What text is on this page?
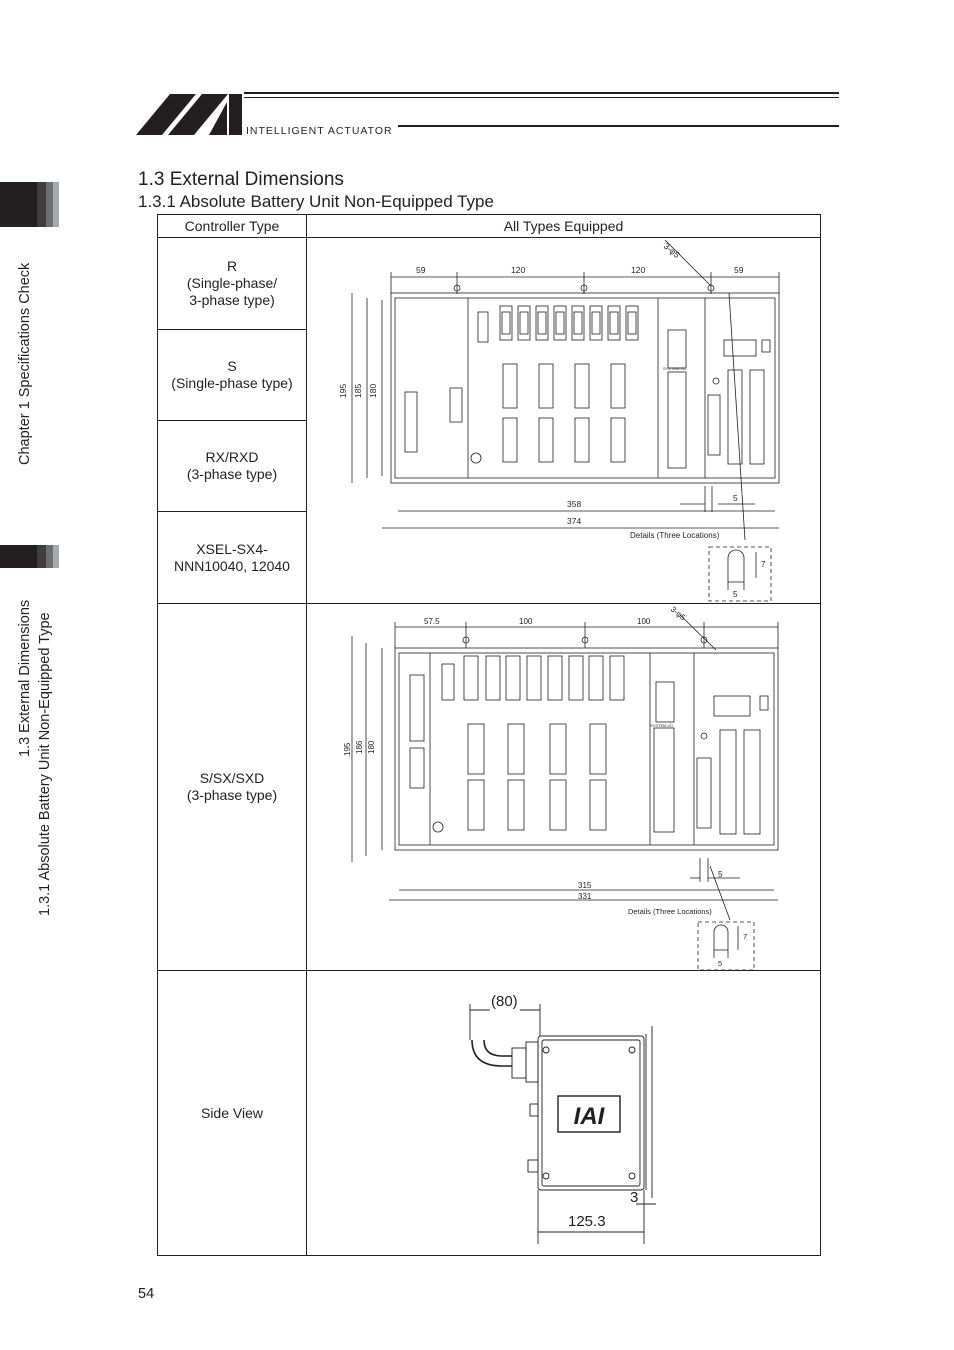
INTELLIGENT ACTUATOR
Chapter 1 Specifications Check
1.3 External Dimensions 1.3.1 Absolute Battery Unit Non-Equipped Type
1.3 External Dimensions
1.3.1 Absolute Battery Unit Non-Equipped Type
Controller Type	All Types Equipped

R
(Single-phase/
3-phase type)	

S
(Single-phase type)	

RX/RXD
(3-phase type)	

XSEL-SX4-
NNN10040, 12040	

S/SX/SXD
(3-phase type)	

Side View	

59	120	120	59
3-φ5
195 185 180
358
374
5
Details (Three Locations)
7
5
SYSTEM I/O
57.5	100	100 3-φ5
195 186 180
315
331
5
Details (Three Locations)
7
5
SYSTEM I/O
(80)
125.3
3
IAI
54
